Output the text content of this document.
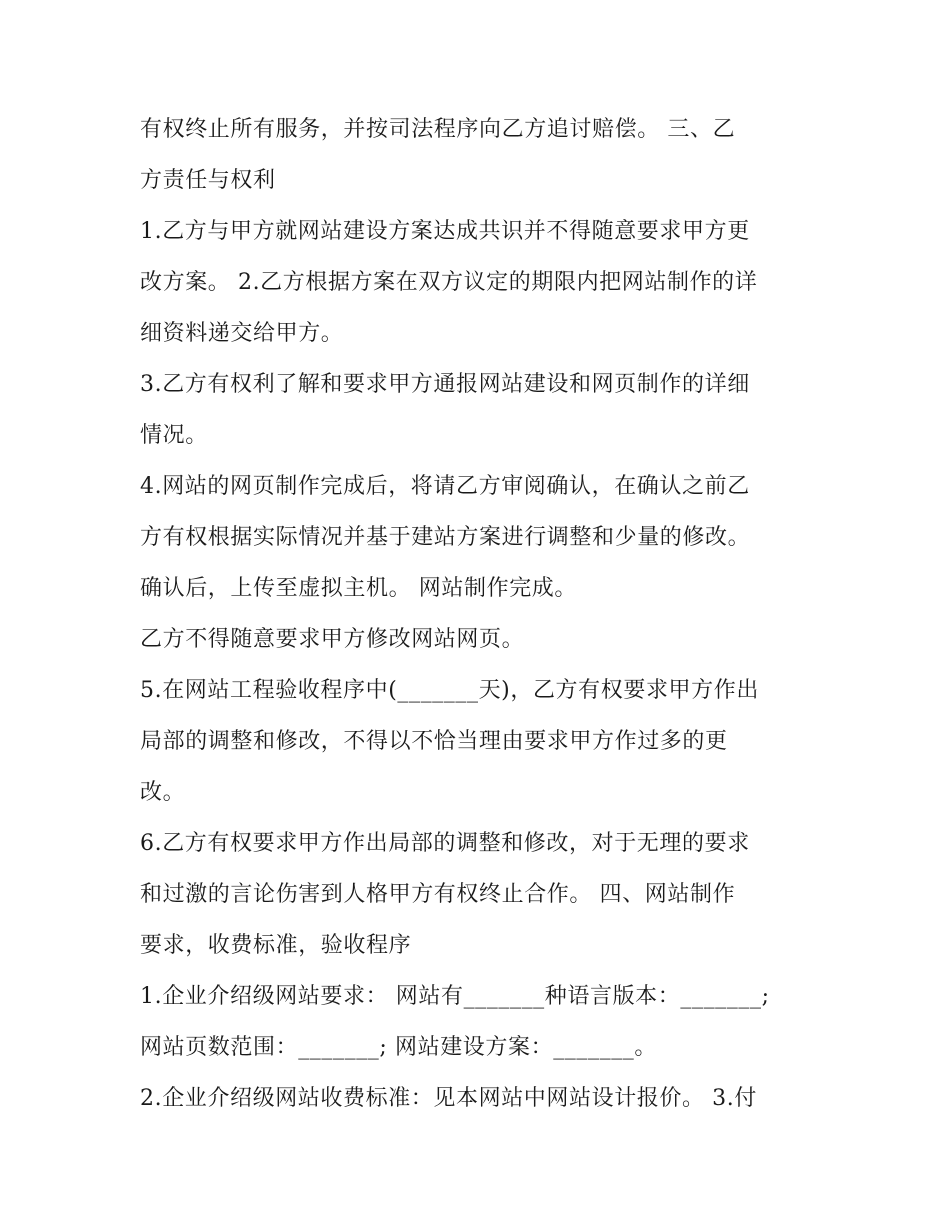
有权终止所有服务，并按司法程序向乙方追讨赔偿。 三、乙
方责任与权利
1.乙方与甲方就网站建设方案达成共识并不得随意要求甲方更
改方案。 2.乙方根据方案在双方议定的期限内把网站制作的详
细资料递交给甲方。
3.乙方有权利了解和要求甲方通报网站建设和网页制作的详细
情况。
4.网站的网页制作完成后，将请乙方审阅确认，在确认之前乙
方有权根据实际情况并基于建站方案进行调整和少量的修改。
确认后，上传至虚拟主机。 网站制作完成。
乙方不得随意要求甲方修改网站网页。
5.在网站工程验收程序中(_______天)，乙方有权要求甲方作出
局部的调整和修改，不得以不恰当理由要求甲方作过多的更
改。
6.乙方有权要求甲方作出局部的调整和修改，对于无理的要求
和过激的言论伤害到人格甲方有权终止合作。 四、网站制作
要求，收费标准，验收程序
1.企业介绍级网站要求： 网站有_______种语言版本：_______;
网站页数范围：_______; 网站建设方案：_______。
2.企业介绍级网站收费标准：见本网站中网站设计报价。 3.付
